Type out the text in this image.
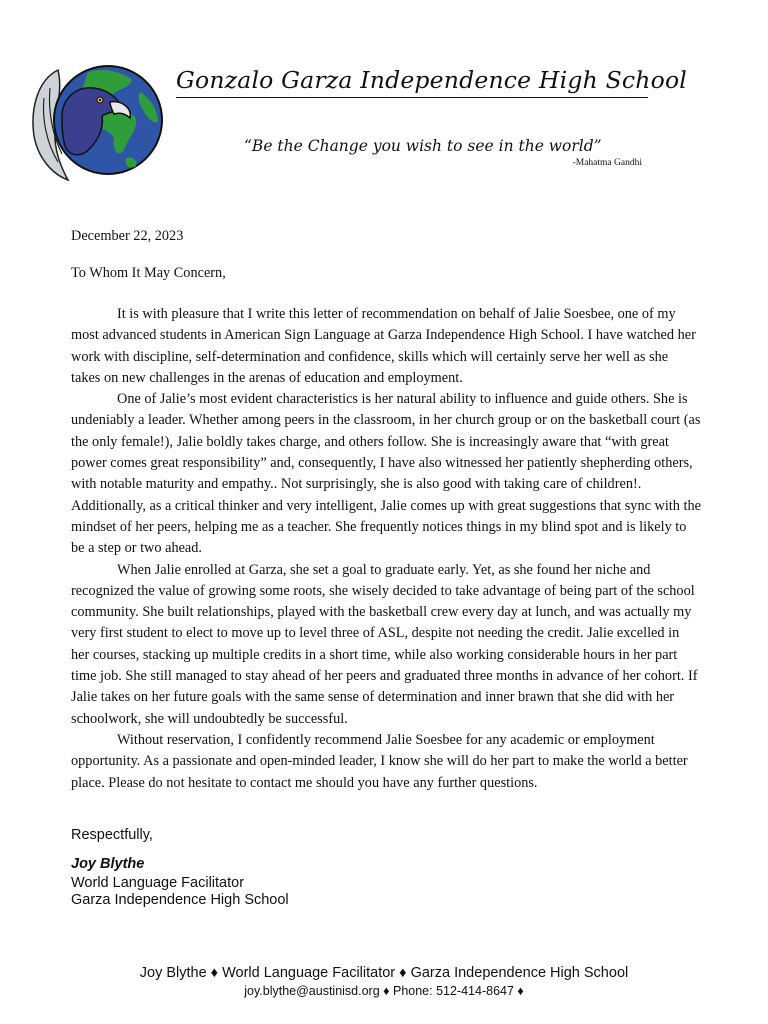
Gonzalo Garza Independence High School
“Be the Change you wish to see in the world”
-Mahatma Gandhi
December 22, 2023
To Whom It May Concern,

It is with pleasure that I write this letter of recommendation on behalf of Jalie Soesbee, one of my most advanced students in American Sign Language at Garza Independence High School. I have watched her work with discipline, self-determination and confidence, skills which will certainly serve her well as she takes on new challenges in the arenas of education and employment.

One of Jalie’s most evident characteristics is her natural ability to influence and guide others. She is undeniably a leader. Whether among peers in the classroom, in her church group or on the basketball court (as the only female!), Jalie boldly takes charge, and others follow. She is increasingly aware that “with great power comes great responsibility” and, consequently, I have also witnessed her patiently shepherding others, with notable maturity and empathy.. Not surprisingly, she is also good with taking care of children!. Additionally, as a critical thinker and very intelligent, Jalie comes up with great suggestions that sync with the mindset of her peers, helping me as a teacher. She frequently notices things in my blind spot and is likely to be a step or two ahead.

When Jalie enrolled at Garza, she set a goal to graduate early. Yet, as she found her niche and recognized the value of growing some roots, she wisely decided to take advantage of being part of the school community. She built relationships, played with the basketball crew every day at lunch, and was actually my very first student to elect to move up to level three of ASL, despite not needing the credit. Jalie excelled in her courses, stacking up multiple credits in a short time, while also working considerable hours in her part time job. She still managed to stay ahead of her peers and graduated three months in advance of her cohort. If Jalie takes on her future goals with the same sense of determination and inner brawn that she did with her schoolwork, she will undoubtedly be successful.

Without reservation, I confidently recommend Jalie Soesbee for any academic or employment opportunity. As a passionate and open-minded leader, I know she will do her part to make the world a better place. Please do not hesitate to contact me should you have any further questions.

Respectfully,
Joy Blythe
World Language Facilitator
Garza Independence High School
Joy Blythe ♦ World Language Facilitator ♦ Garza Independence High School
joy.blythe@austinisd.org ♦ Phone: 512-414-8647 ♦
